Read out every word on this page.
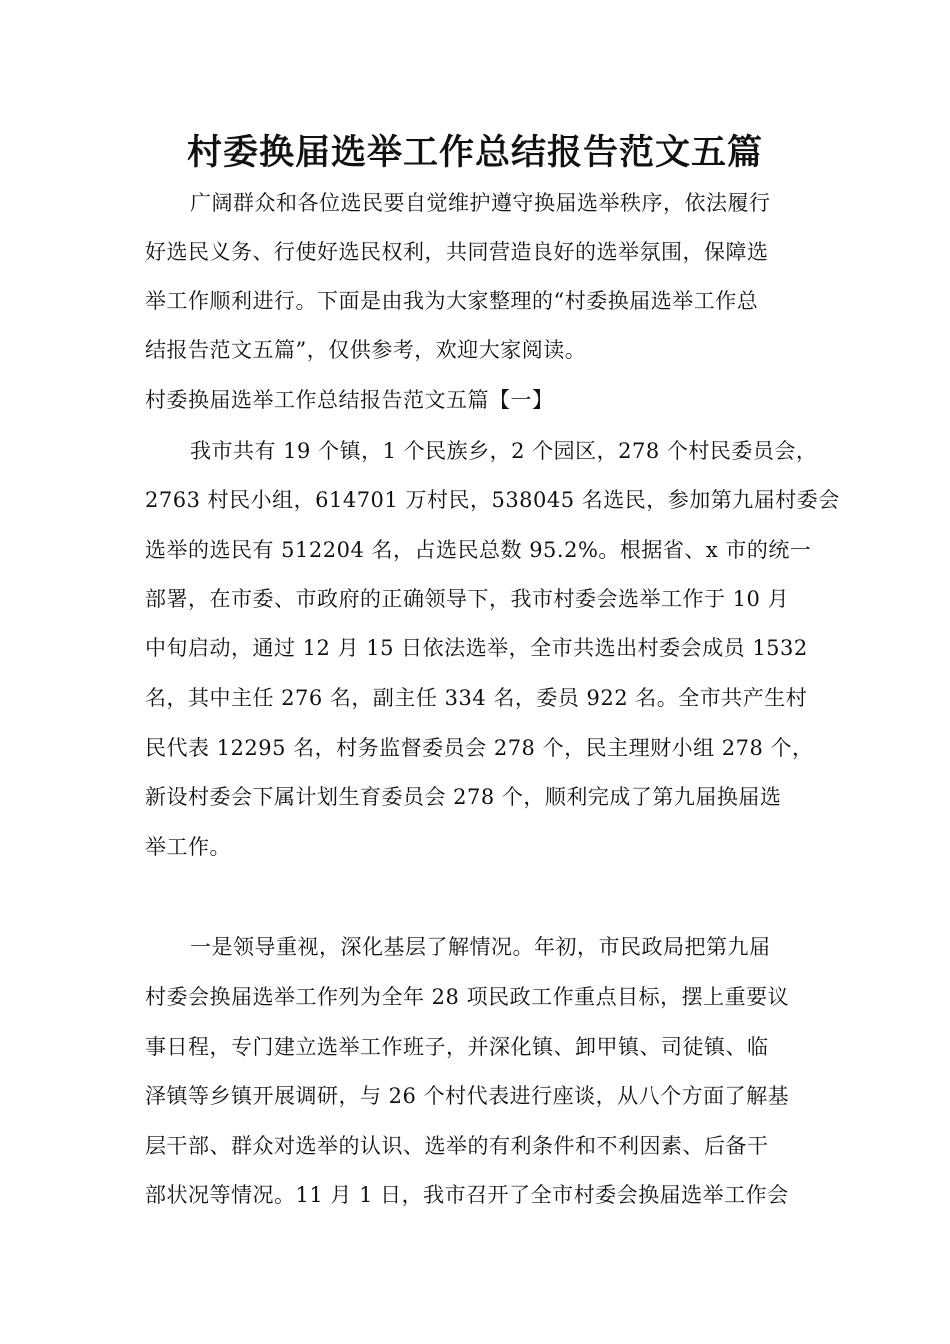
村委换届选举工作总结报告范文五篇
广阔群众和各位选民要自觉维护遵守换届选举秩序，依法履行
好选民义务、行使好选民权利，共同营造良好的选举氛围，保障选
举工作顺利进行。下面是由我为大家整理的“村委换届选举工作总
结报告范文五篇”，仅供参考，欢迎大家阅读。
村委换届选举工作总结报告范文五篇【一】
我市共有 19 个镇，1 个民族乡，2 个园区，278 个村民委员会，
2763 村民小组，614701 万村民，538045 名选民，参加第九届村委会
选举的选民有 512204 名，占选民总数 95.2%。根据省、x 市的统一
部署，在市委、市政府的正确领导下，我市村委会选举工作于 10 月
中旬启动，通过 12 月 15 日依法选举，全市共选出村委会成员 1532
名，其中主任 276 名，副主任 334 名，委员 922 名。全市共产生村
民代表 12295 名，村务监督委员会 278 个，民主理财小组 278 个，
新设村委会下属计划生育委员会 278 个，顺利完成了第九届换届选
举工作。
一是领导重视，深化基层了解情况。年初，市民政局把第九届
村委会换届选举工作列为全年 28 项民政工作重点目标，摆上重要议
事日程，专门建立选举工作班子，并深化镇、卸甲镇、司徒镇、临
泽镇等乡镇开展调研，与 26 个村代表进行座谈，从八个方面了解基
层干部、群众对选举的认识、选举的有利条件和不利因素、后备干
部状况等情况。11 月 1 日，我市召开了全市村委会换届选举工作会
